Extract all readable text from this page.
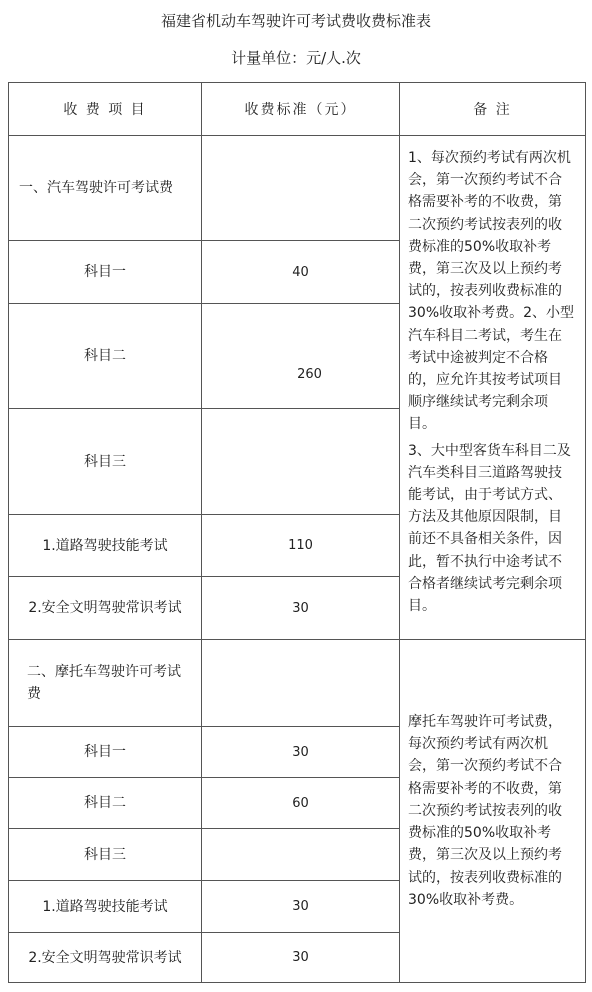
福建省机动车驾驶许可考试费收费标准表
计量单位：元/人.次
收 费 项 目	收费标准（元）	备 注
一、汽车驾驶许可考试费		1、每次预约考试有两次机会，第一次预约考试不合格需要补考的不收费，第二次预约考试按表列的收费标准的50%收取补考费，第三次及以上预约考试的，按表列收费标准的30%收取补考费。2、小型汽车科目二考试，考生在考试中途被判定不合格的，应允许其按考试项目顺序继续试考完剩余项目。

3、大中型客货车科目二及汽车类科目三道路驾驶技能考试，由于考试方式、方法及其他原因限制，目前还不具备相关条件，因此，暂不执行中途考试不合格者继续试考完剩余项目。

科目一	40	
科目二	260	
科目三		
1.道路驾驶技能考试	110	
2.安全文明驾驶常识考试	30	
二、摩托车驾驶许可考试费		摩托车驾驶许可考试费，每次预约考试有两次机会，第一次预约考试不合格需要补考的不收费，第二次预约考试按表列的收费标准的50%收取补考费，第三次及以上预约考试的，按表列收费标准的30%收取补考费。

科目一	30	
科目二	60	
科目三		
1.道路驾驶技能考试	30	
2.安全文明驾驶常识考试	30	
